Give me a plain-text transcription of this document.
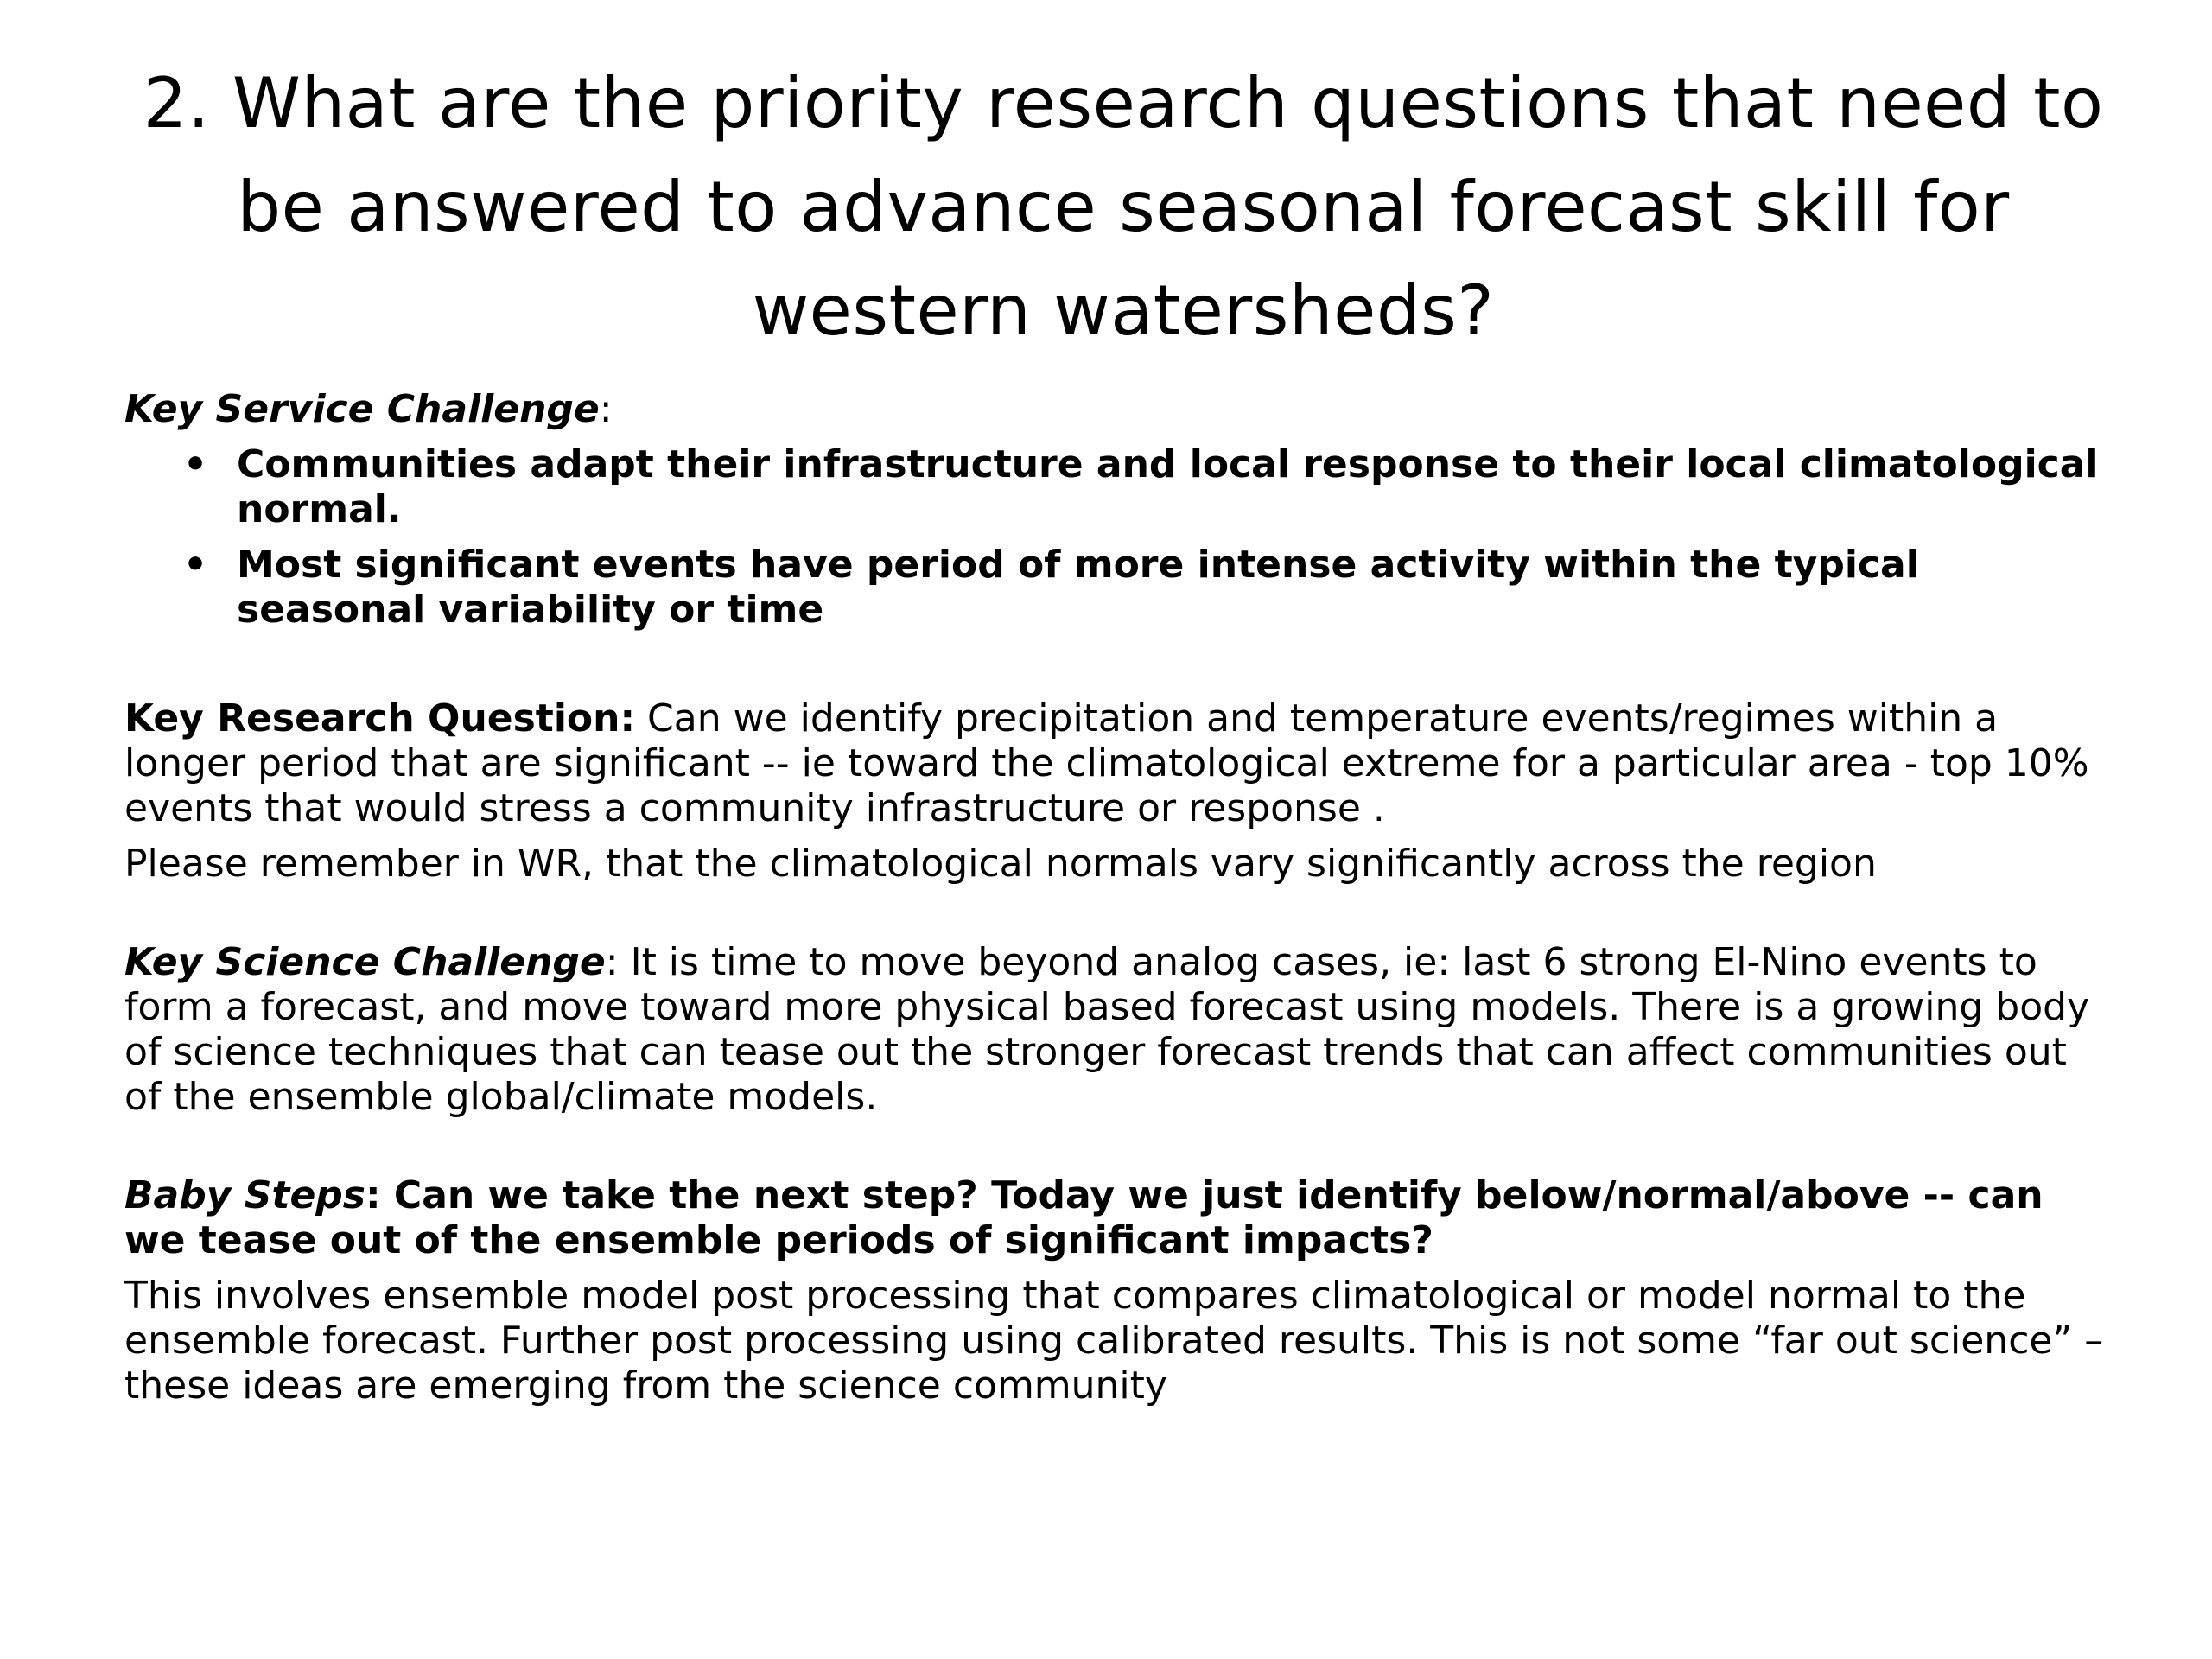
2. What are the priority research questions that need to be answered to advance seasonal forecast skill for western watersheds?

Key Service Challenge:

• Communities adapt their infrastructure and local response to their local climatological normal.
• Most significant events have period of more intense activity within the typical seasonal variability or time

Key Research Question: Can we identify precipitation and temperature events/regimes within a longer period that are significant -- ie toward the climatological extreme for a particular area - top 10% events that would stress a community infrastructure or response .

Please remember in WR, that the climatological normals vary significantly across the region

Key Science Challenge: It is time to move beyond analog cases, ie: last 6 strong El-Nino events to form a forecast, and move toward more physical based forecast using models. There is a growing body of science techniques that can tease out the stronger forecast trends that can affect communities out of the ensemble global/climate models.

Baby Steps: Can we take the next step? Today we just identify below/normal/above -- can we tease out of the ensemble periods of significant impacts?

This involves ensemble model post processing that compares climatological or model normal to the ensemble forecast. Further post processing using calibrated results. This is not some “far out science” – these ideas are emerging from the science community
